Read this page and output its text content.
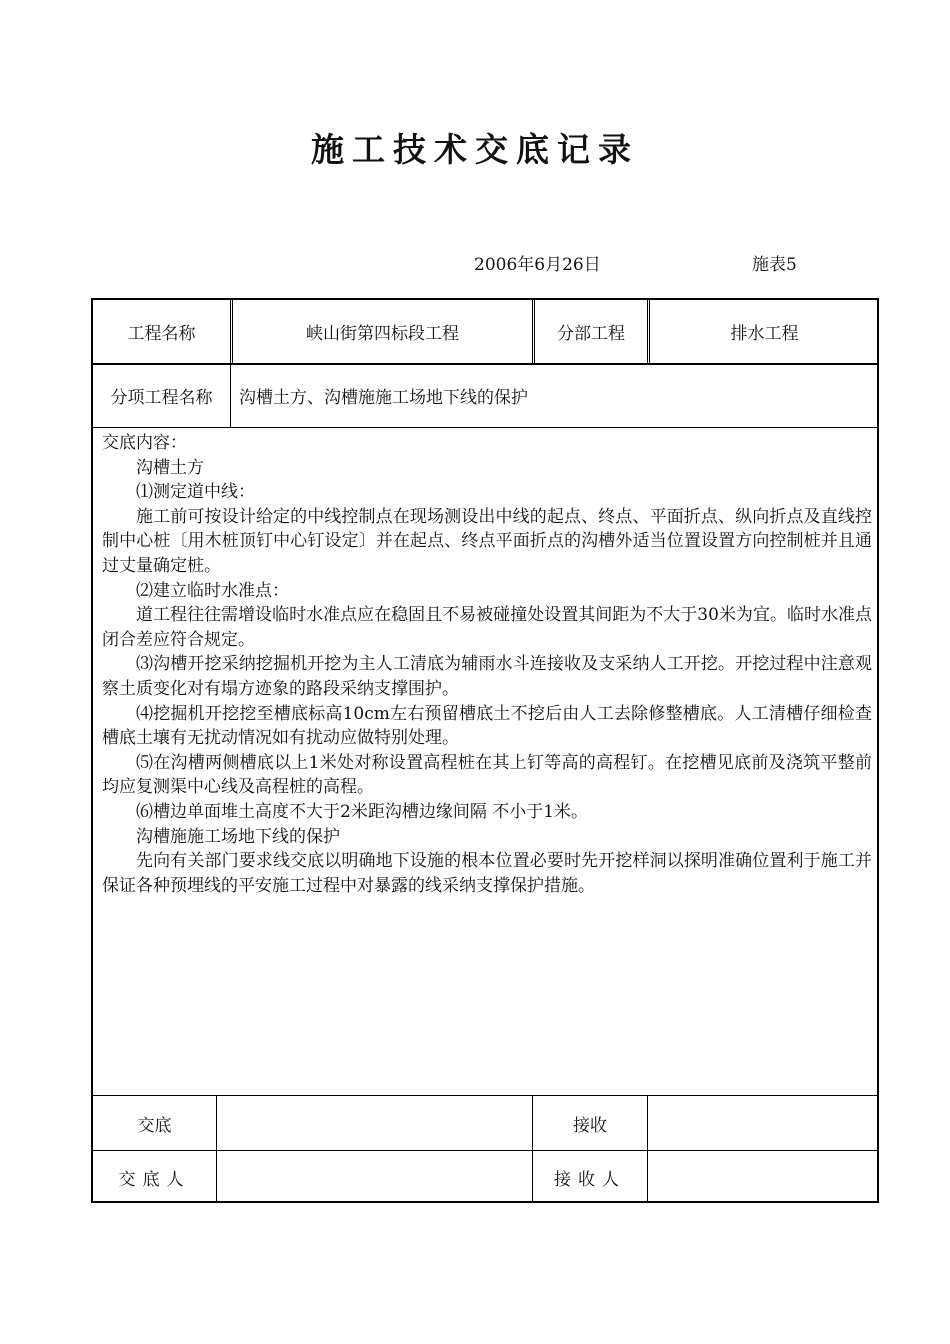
施工技术交底记录
2006年6月26日	施表5
工程名称	峡山街第四标段工程	分部工程	排水工程
分项工程名称	沟槽土方、沟槽施施工场地下线的保护

交底内容：

沟槽土方

⑴测定道中线：

施工前可按设计给定的中线控制点在现场测设出中线的起点、终点、平面折点、纵向折点及直线控制中心桩〔用木桩顶钉中心钉设定〕并在起点、终点平面折点的沟槽外适当位置设置方向控制桩并且通过丈量确定桩。

⑵建立临时水准点：

道工程往往需增设临时水准点应在稳固且不易被碰撞处设置其间距为不大于30米为宜。临时水准点闭合差应符合规定。

⑶沟槽开挖采纳挖掘机开挖为主人工清底为辅雨水斗连接收及支采纳人工开挖。开挖过程中注意观察土质变化对有塌方迹象的路段采纳支撑围护。

⑷挖掘机开挖挖至槽底标高10cm左右预留槽底土不挖后由人工去除修整槽底。人工清槽仔细检查槽底土壤有无扰动情况如有扰动应做特别处理。

⑸在沟槽两侧槽底以上1米处对称设置高程桩在其上钉等高的高程钉。在挖槽见底前及浇筑平整前均应复测渠中心线及高程桩的高程。

⑹槽边单面堆土高度不大于2米距沟槽边缘间隔 不小于1米。

沟槽施施工场地下线的保护

先向有关部门要求线交底以明确地下设施的根本位置必要时先开挖样洞以探明准确位置利于施工并保证各种预埋线的平安施工过程中对暴露的线采纳支撑保护措施。

交底	接收
交底人	接收人
